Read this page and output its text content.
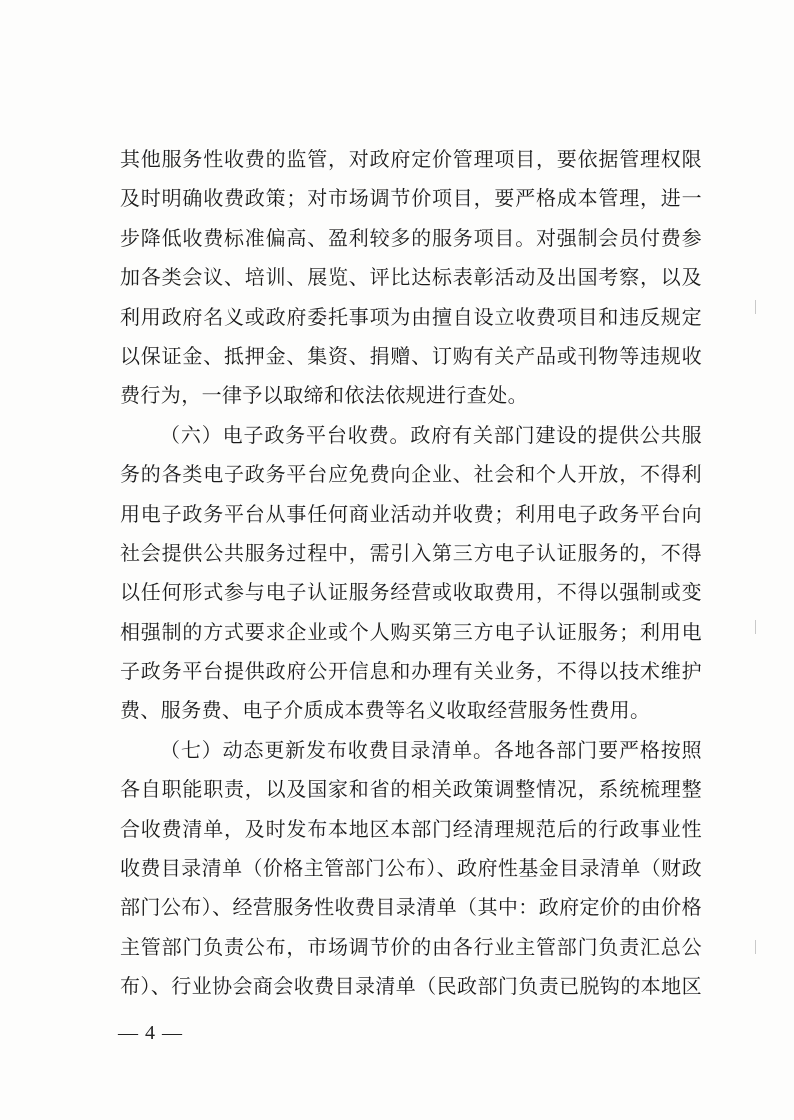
其他服务性收费的监管，对政府定价管理项目，要依据管理权限
及时明确收费政策；对市场调节价项目，要严格成本管理，进一
步降低收费标准偏高、盈利较多的服务项目。对强制会员付费参
加各类会议、培训、展览、评比达标表彰活动及出国考察，以及
利用政府名义或政府委托事项为由擅自设立收费项目和违反规定
以保证金、抵押金、集资、捐赠、订购有关产品或刊物等违规收
费行为，一律予以取缔和依法依规进行查处。
（六）电子政务平台收费。政府有关部门建设的提供公共服
务的各类电子政务平台应免费向企业、社会和个人开放，不得利
用电子政务平台从事任何商业活动并收费；利用电子政务平台向
社会提供公共服务过程中，需引入第三方电子认证服务的，不得
以任何形式参与电子认证服务经营或收取费用，不得以强制或变
相强制的方式要求企业或个人购买第三方电子认证服务；利用电
子政务平台提供政府公开信息和办理有关业务，不得以技术维护
费、服务费、电子介质成本费等名义收取经营服务性费用。
（七）动态更新发布收费目录清单。各地各部门要严格按照
各自职能职责，以及国家和省的相关政策调整情况，系统梳理整
合收费清单，及时发布本地区本部门经清理规范后的行政事业性
收费目录清单（价格主管部门公布）、政府性基金目录清单（财政
部门公布）、经营服务性收费目录清单（其中：政府定价的由价格
主管部门负责公布，市场调节价的由各行业主管部门负责汇总公
布）、行业协会商会收费目录清单（民政部门负责已脱钩的本地区
— 4 —
